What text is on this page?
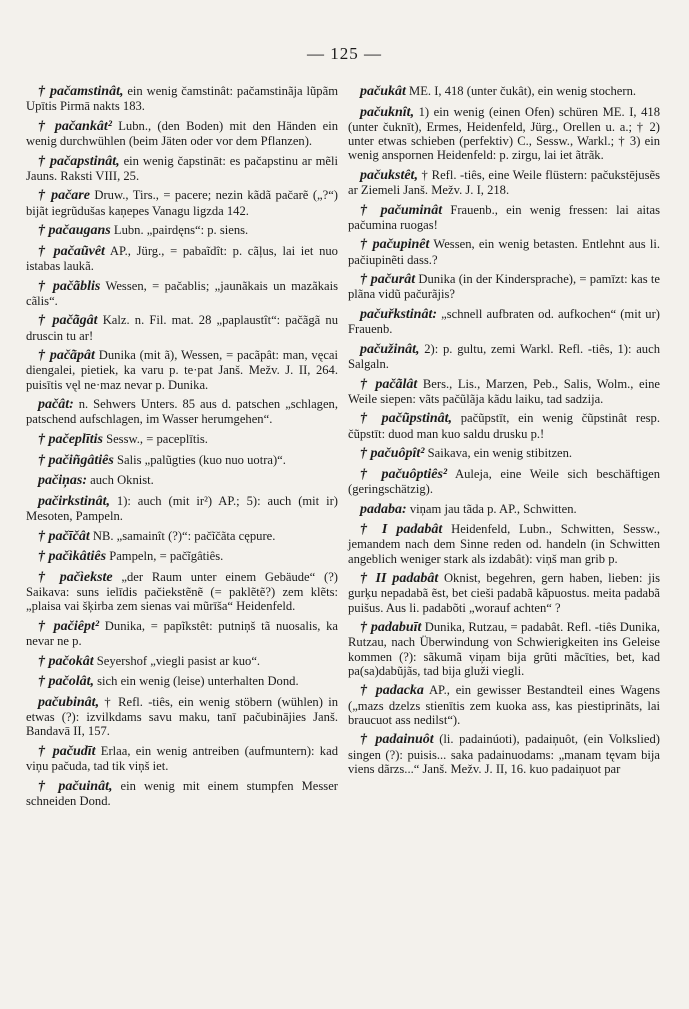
— 125 —

† pačamstinât, ein wenig čamstinât: pačamstinãja lũpãm Upītis Pirmā nakts 183.

† pačankât² Lubn., (den Boden) mit den Händen ein wenig durchwühlen (beim Jäten oder vor dem Pflanzen).

† pačapstinât, ein wenig čapstināt: es pačapstinu ar mẽli Jauns. Raksti VIII, 25.

† pačare Druw., Tirs., = pacere; nezin kãdã pačarẽ („?“) bijãt iegrũdušas kaņepes Vanagu ligzda 142.

† pačaugans Lubn. „pairdęns“: p. siens.

† pačaũvêt AP., Jürg., = pabaĩdît: p. cãļus, lai iet nuo istabas laukã.

† pačãblis Wessen, = pačablis; „jaunãkais un mazãkais cãlis“.

† pačãgât Kalz. n. Fil. mat. 28 „paplaustît“: pačãgã nu druscin tu ar!

† pačãpât Dunika (mit ã), Wessen, = pacãpât: man, vęcai diengalei, pietiek, ka varu p. te·pat Janš. Mežv. J. II, 264. puisītis vęl ne·maz nevar p. Dunika.

pačât: n. Sehwers Unters. 85 aus d. patschen „schlagen, patschend aufschlagen, im Wasser herumgehen“.

† pačeplītis Sessw., = paceplītis.

† pačiñgâtiês Salis „palũgties (kuo nuo uotra)“.

pačiņas: auch Oknist.

pačirkstinât, 1): auch (mit ir²) AP.; 5): auch (mit ir) Mesoten, Pampeln.

† pačīčât NB. „samainît (?)“: pačĩčãta cępure.

† pačìkâtiês Pampeln, = pačĩgâtiês.

† pačìekste „der Raum unter einem Gebäude“ (?) Saikava: suns ielīdis pačiekstẽnẽ (= paklẽtẽ?) zem klẽts: „plaisa vai šķirba zem sienas vai mũrīša“ Heidenfeld.

† pačiêpt² Dunika, = papĩkstêt: putniņš tã nuosalis, ka nevar ne p.

† pačokât Seyershof „viegli pasist ar kuo“.

† pačolât, sich ein wenig (leise) unterhalten Dond.

pačubinât, † Refl. -tiês, ein wenig stöbern (wühlen) in etwas (?): izvilkdams savu maku, tanī pačubinājies Janš. Bandavā II, 157.

† pačudīt Erlaa, ein wenig antreiben (aufmuntern): kad viņu pačuda, tad tik viņš iet.

† pačuinât, ein wenig mit einem stumpfen Messer schneiden Dond.

pačukât ME. I, 418 (unter čukât), ein wenig stochern.

pačuknît, 1) ein wenig (einen Ofen) schüren ME. I, 418 (unter čuknīt), Ermes, Heidenfeld, Jürg., Orellen u. a.; † 2) unter etwas schieben (perfektiv) C., Sessw., Warkl.; † 3) ein wenig anspornen Heidenfeld: p. zirgu, lai iet ãtrãk.

pačukstêt, † Refl. -tiês, eine Weile flüstern: pačukstējusẽs ar Ziemeli Janš. Mežv. J. I, 218.

† pačuminât Frauenb., ein wenig fressen: lai aitas pačumina ruogas!

† pačupinêt Wessen, ein wenig betasten. Entlehnt aus li. pačiupinẽti dass.?

† pačurât Dunika (in der Kindersprache), = pamīzt: kas te plãna vidũ pačurãjis?

pačuřkstinât: „schnell aufbraten od. aufkochen“ (mit ur) Frauenb.

pačužinât, 2): p. gultu, zemi Warkl. Refl. -tiês, 1): auch Salgaln.

† pačãlât Bers., Lis., Marzen, Peb., Salis, Wolm., eine Weile siepen: vãts pačũlãja kãdu laiku, tad sadzija.

† pačũpstinât, pačũpstīt, ein wenig čũpstinât resp. čũpstīt: duod man kuo saldu drusku p.!

† pačuôpît² Saikava, ein wenig stibitzen.

† pačuôptiês² Auleja, eine Weile sich beschäftigen (geringschätzig).

padaba: viņam jau tãda p. AP., Schwitten.

† I padabât Heidenfeld, Lubn., Schwitten, Sessw., jemandem nach dem Sinne reden od. handeln (in Schwitten angeblich weniger stark als izdabât): viņš man grib p.

† II padabât Oknist, begehren, gern haben, lieben: jis gurķu nepadabã ẽst, bet cieši padabã kãpuostus. meita padabã puišus. Aus li. padabõti „worauf achten“ ?

† padabuīt Dunika, Rutzau, = padabât. Refl. -tiês Dunika, Rutzau, nach Überwindung von Schwierigkeiten ins Geleise kommen (?): sãkumã viņam bija grũti mãcīties, bet, kad pa(sa)dabũjãs, tad bija gluži viegli.

† padacka AP., ein gewisser Bestandteil eines Wagens („mazs dzelzs stienītis zem kuoka ass, kas piestiprinãts, lai braucuot ass nedilst“).

† padainuôt (li. padainúoti), padaiņuôt, (ein Volkslied) singen (?): puisis... saka padainuodams: „manam tęvam bija viens dãrzs...“ Janš. Mežv. J. II, 16. kuo padaiņuot par
